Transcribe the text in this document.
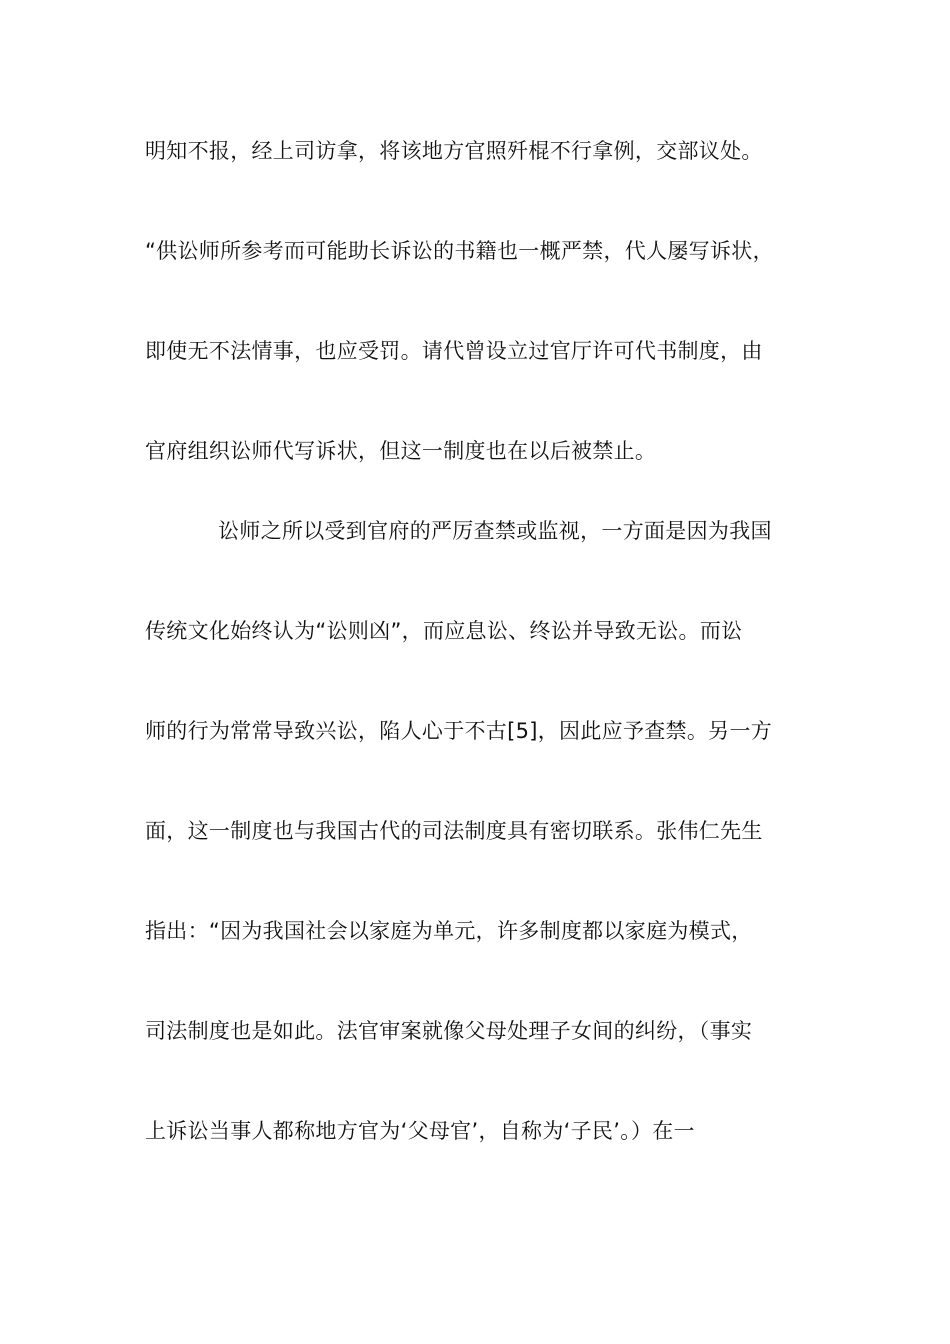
明知不报，经上司访拿，将该地方官照歼棍不行拿例，交部议处。
“供讼师所参考而可能助长诉讼的书籍也一概严禁，代人屡写诉状，
即使无不法情事，也应受罚。请代曾设立过官厅许可代书制度，由
官府组织讼师代写诉状，但这一制度也在以后被禁止。
讼师之所以受到官府的严厉查禁或监视，一方面是因为我国
传统文化始终认为“讼则凶”，而应息讼、终讼并导致无讼。而讼
师的行为常常导致兴讼，陷人心于不古[5]，因此应予查禁。另一方
面，这一制度也与我国古代的司法制度具有密切联系。张伟仁先生
指出：“因为我国社会以家庭为单元，许多制度都以家庭为模式，
司法制度也是如此。法官审案就像父母处理子女间的纠纷，（事实
上诉讼当事人都称地方官为‘父母官’，自称为‘子民’。）在一
